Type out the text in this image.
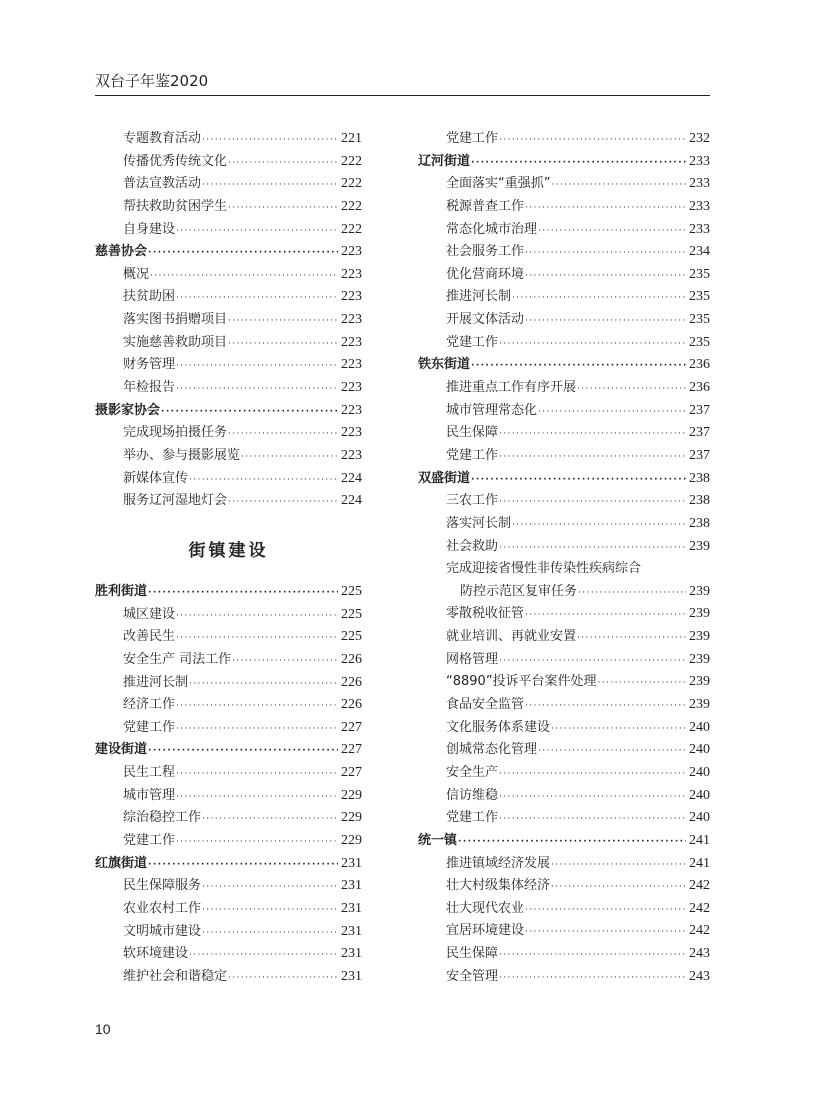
双台子年鉴2020
专题教育活动 ·····	221
传播优秀传统文化 ·····	222
普法宣教活动 ·····	222
帮扶救助贫困学生 ·····	222
自身建设 ·····	222
慈善协会 ·····	223
概况 ·····	223
扶贫助困 ·····	223
落实图书捐赠项目 ·····	223
实施慈善救助项目 ·····	223
财务管理 ·····	223
年检报告 ·····	223
摄影家协会 ·····	223
完成现场拍摄任务 ·····	223
举办、参与摄影展览 ·····	223
新媒体宣传 ·····	224
服务辽河湿地灯会 ·····	224
街镇建设
胜利街道 ·····	225
城区建设 ·····	225
改善民生 ·····	225
安全生产 司法工作 ·····	226
推进河长制 ·····	226
经济工作 ·····	226
党建工作 ·····	227
建设街道 ·····	227
民生工程 ·····	227
城市管理 ·····	229
综治稳控工作 ·····	229
党建工作 ·····	229
红旗街道 ·····	231
民生保障服务 ·····	231
农业农村工作 ·····	231
文明城市建设 ·····	231
软环境建设 ·····	231
维护社会和谐稳定 ·····	231
党建工作 ·····	232
辽河街道 ·····	233
全面落实“重强抓” ·····	233
税源普查工作 ·····	233
常态化城市治理 ·····	233
社会服务工作 ·····	234
优化营商环境 ·····	235
推进河长制 ·····	235
开展文体活动 ·····	235
党建工作 ·····	235
铁东街道 ·····	236
推进重点工作有序开展 ·····	236
城市管理常态化 ·····	237
民生保障 ·····	237
党建工作 ·····	237
双盛街道 ·····	238
三农工作 ·····	238
落实河长制 ·····	238
社会救助 ·····	239
完成迎接省慢性非传染性疾病综合
防控示范区复审任务 ·····	239
零散税收征管 ·····	239
就业培训、再就业安置 ·····	239
网格管理 ·····	239
“8890”投诉平台案件处理 ·····	239
食品安全监管 ·····	239
文化服务体系建设 ·····	240
创城常态化管理 ·····	240
安全生产 ·····	240
信访维稳 ·····	240
党建工作 ·····	240
统一镇 ·····	241
推进镇域经济发展 ·····	241
壮大村级集体经济 ·····	242
壮大现代农业 ·····	242
宜居环境建设 ·····	242
民生保障 ·····	243
安全管理 ·····	243
10
